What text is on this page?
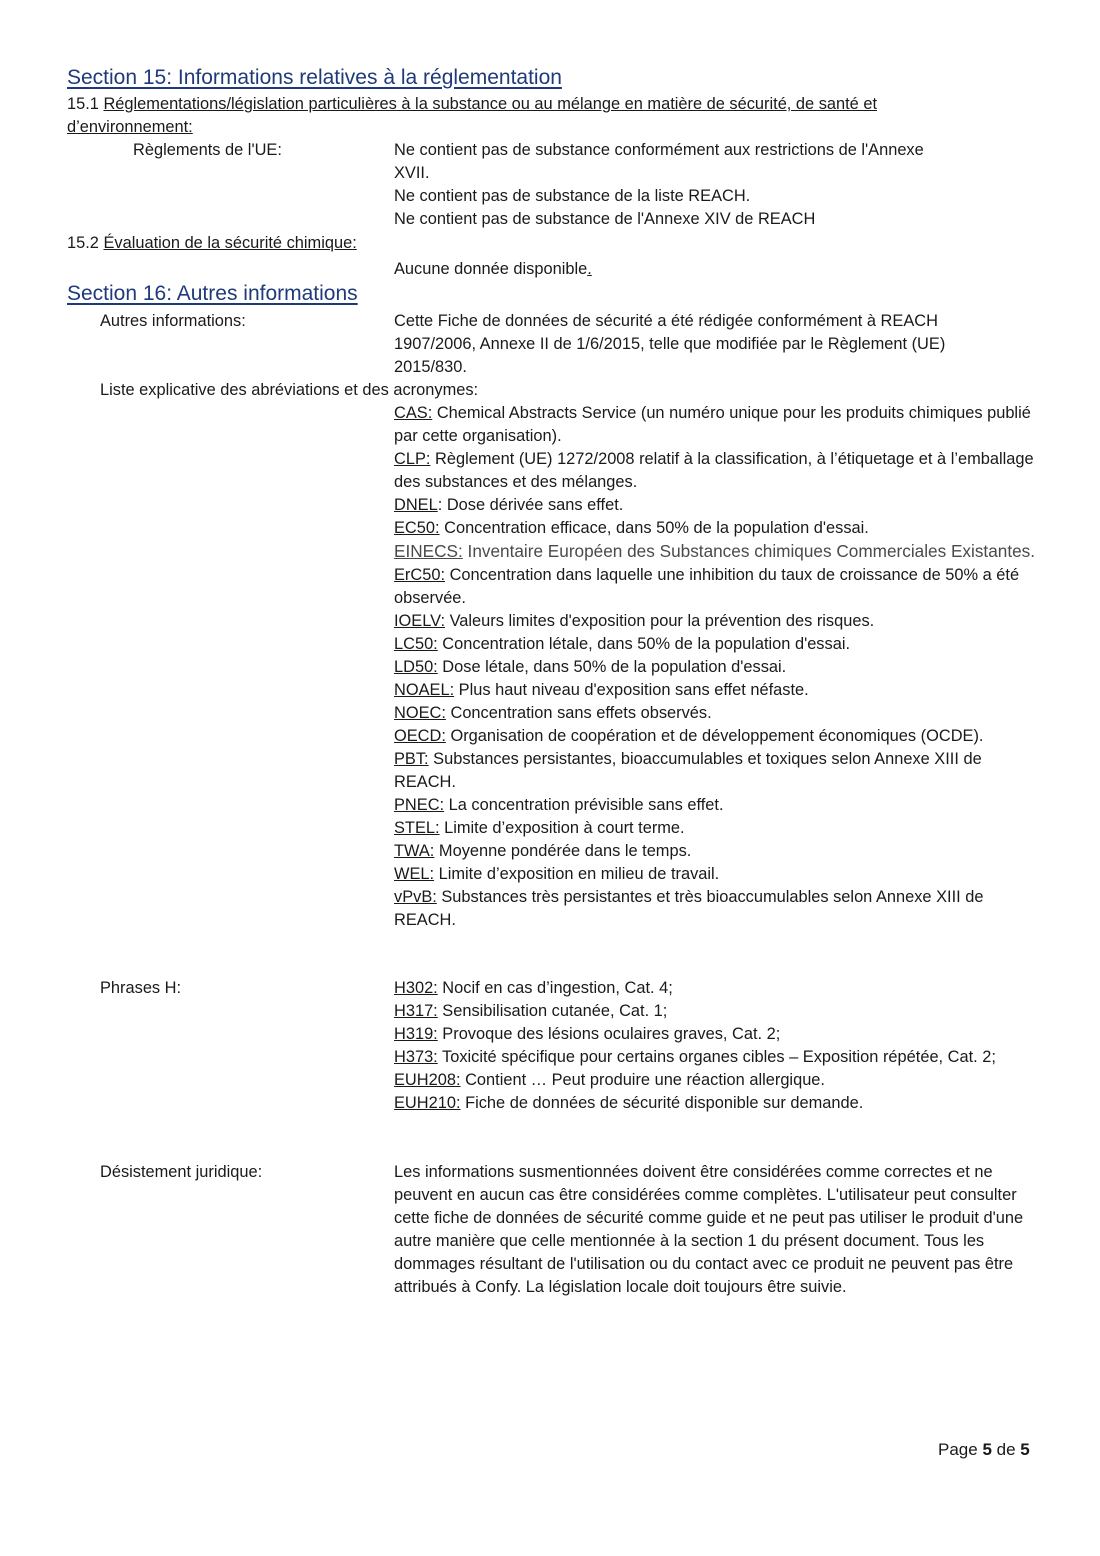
Section 15: Informations relatives à la réglementation
15.1 Réglementations/législation particulières à la substance ou au mélange en matière de sécurité, de santé et
d’environnement:
Règlements de l'UE:	Ne contient pas de substance conformément aux restrictions de l'Annexe
XVII.
Ne contient pas de substance de la liste REACH.
Ne contient pas de substance de l'Annexe XIV de REACH
15.2 Évaluation de la sécurité chimique:
Aucune donnée disponible.
Section 16: Autres informations
Autres informations:	Cette Fiche de données de sécurité a été rédigée conformément à REACH
1907/2006, Annexe II de 1/6/2015, telle que modifiée par le Règlement (UE)
2015/830.
Liste explicative des abréviations et des acronymes:

CAS: Chemical Abstracts Service (un numéro unique pour les produits chimiques publié par cette organisation).

CLP: Règlement (UE) 1272/2008 relatif à la classification, à l’étiquetage et à l’emballage des substances et des mélanges.

DNEL: Dose dérivée sans effet.

EC50: Concentration efficace, dans 50% de la population d'essai.

EINECS: Inventaire Européen des Substances chimiques Commerciales Existantes.

ErC50: Concentration dans laquelle une inhibition du taux de croissance de 50% a été observée.

IOELV: Valeurs limites d'exposition pour la prévention des risques.

LC50: Concentration létale, dans 50% de la population d'essai.

LD50: Dose létale, dans 50% de la population d'essai.

NOAEL: Plus haut niveau d'exposition sans effet néfaste.

NOEC: Concentration sans effets observés.

OECD: Organisation de coopération et de développement économiques (OCDE).

PBT: Substances persistantes, bioaccumulables et toxiques selon Annexe XIII de REACH.

PNEC: La concentration prévisible sans effet.

STEL: Limite d’exposition à court terme.

TWA: Moyenne pondérée dans le temps.

WEL: Limite d’exposition en milieu de travail.

vPvB: Substances très persistantes et très bioaccumulables selon Annexe XIII de REACH.

Phrases H:	H302: Nocif en cas d’ingestion, Cat. 4;

H317: Sensibilisation cutanée, Cat. 1;

H319: Provoque des lésions oculaires graves, Cat. 2;

H373: Toxicité spécifique pour certains organes cibles – Exposition répétée, Cat. 2;

EUH208: Contient … Peut produire une réaction allergique.

EUH210: Fiche de données de sécurité disponible sur demande.

Désistement juridique:	Les informations susmentionnées doivent être considérées comme correctes et ne peuvent en aucun cas être considérées comme complètes. L'utilisateur peut consulter cette fiche de données de sécurité comme guide et ne peut pas utiliser le produit d'une autre manière que celle mentionnée à la section 1 du présent document. Tous les dommages résultant de l'utilisation ou du contact avec ce produit ne peuvent pas être attribués à Confy. La législation locale doit toujours être suivie.

Page 5 de 5
